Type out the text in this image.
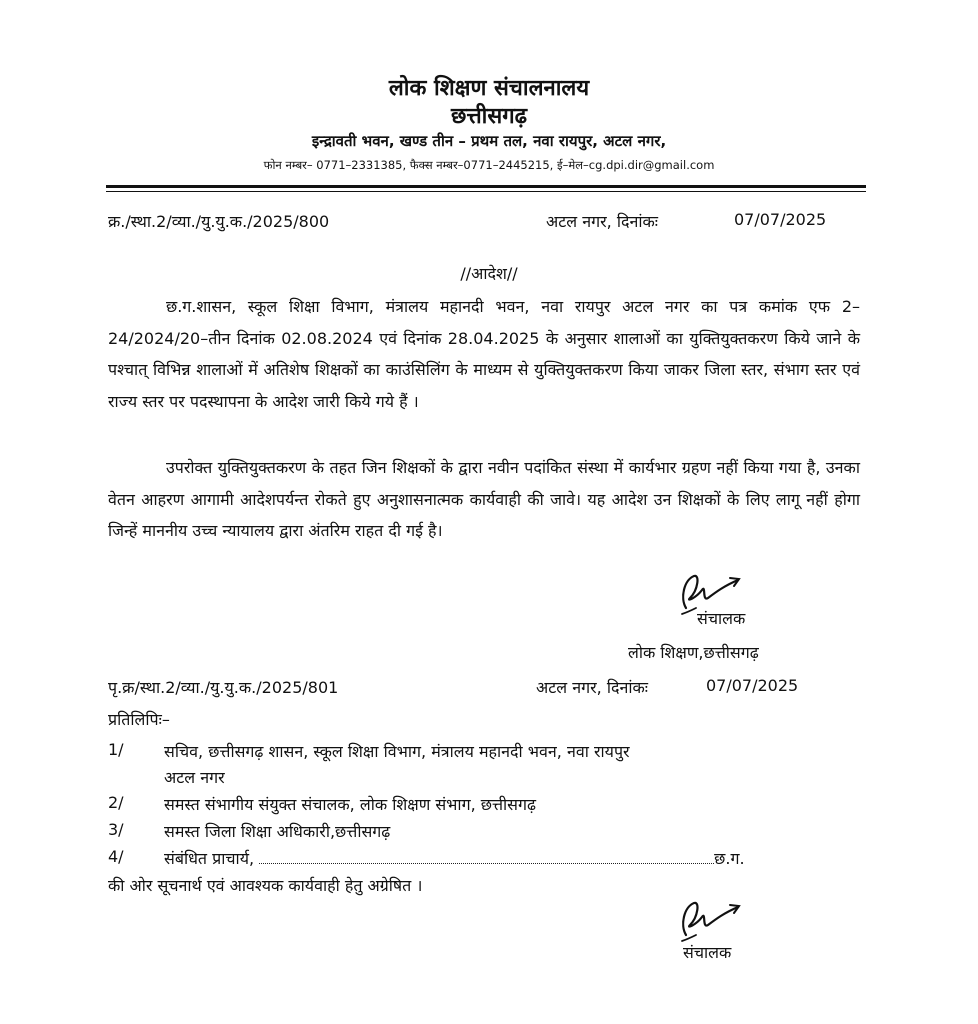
लोक शिक्षण संचालनालय
छत्तीसगढ़
इन्द्रावती भवन, खण्ड तीन – प्रथम तल, नवा रायपुर, अटल नगर,
फोन नम्बर– 0771–2331385, फैक्स नम्बर–0771–2445215, ई–मेल–cg.dpi.dir@gmail.com
क्र./स्था.2/व्या./यु.यु.क./2025/800	अटल नगर, दिनांकः	07/07/2025
//आदेश//
छ.ग.शासन, स्कूल शिक्षा विभाग, मंत्रालय महानदी भवन, नवा रायपुर अटल नगर का पत्र कमांक एफ 2–24/2024/20–तीन दिनांक 02.08.2024 एवं दिनांक 28.04.2025 के अनुसार शालाओं का युक्तियुक्तकरण किये जाने के पश्चात् विभिन्न शालाओं में अतिशेष शिक्षकों का काउंसिलिंग के माध्यम से युक्तियुक्तकरण किया जाकर जिला स्तर, संभाग स्तर एवं राज्य स्तर पर पदस्थापना के आदेश जारी किये गये हैं ।
उपरोक्त युक्तियुक्तकरण के तहत जिन शिक्षकों के द्वारा नवीन पदांकित संस्था में कार्यभार ग्रहण नहीं किया गया है, उनका वेतन आहरण आगामी आदेशपर्यन्त रोकते हुए अनुशासनात्मक कार्यवाही की जावे। यह आदेश उन शिक्षकों के लिए लागू नहीं होगा जिन्हें माननीय उच्च न्यायालय द्वारा अंतरिम राहत दी गई है।
संचालक
लोक शिक्षण,छत्तीसगढ़
पृ.क्र/स्था.2/व्या./यु.यु.क./2025/801	अटल नगर, दिनांकः	07/07/2025
प्रतिलिपिः–
1/	सचिव, छत्तीसगढ़ शासन, स्कूल शिक्षा विभाग, मंत्रालय महानदी भवन, नवा रायपुर
अटल नगर
2/	समस्त संभागीय संयुक्त संचालक, लोक शिक्षण संभाग, छत्तीसगढ़
3/	समस्त जिला शिक्षा अधिकारी,छत्तीसगढ़
4/	संबंधित प्राचार्य,	छ.ग.
की ओर सूचनार्थ एवं आवश्यक कार्यवाही हेतु अग्रेषित ।
संचालक
